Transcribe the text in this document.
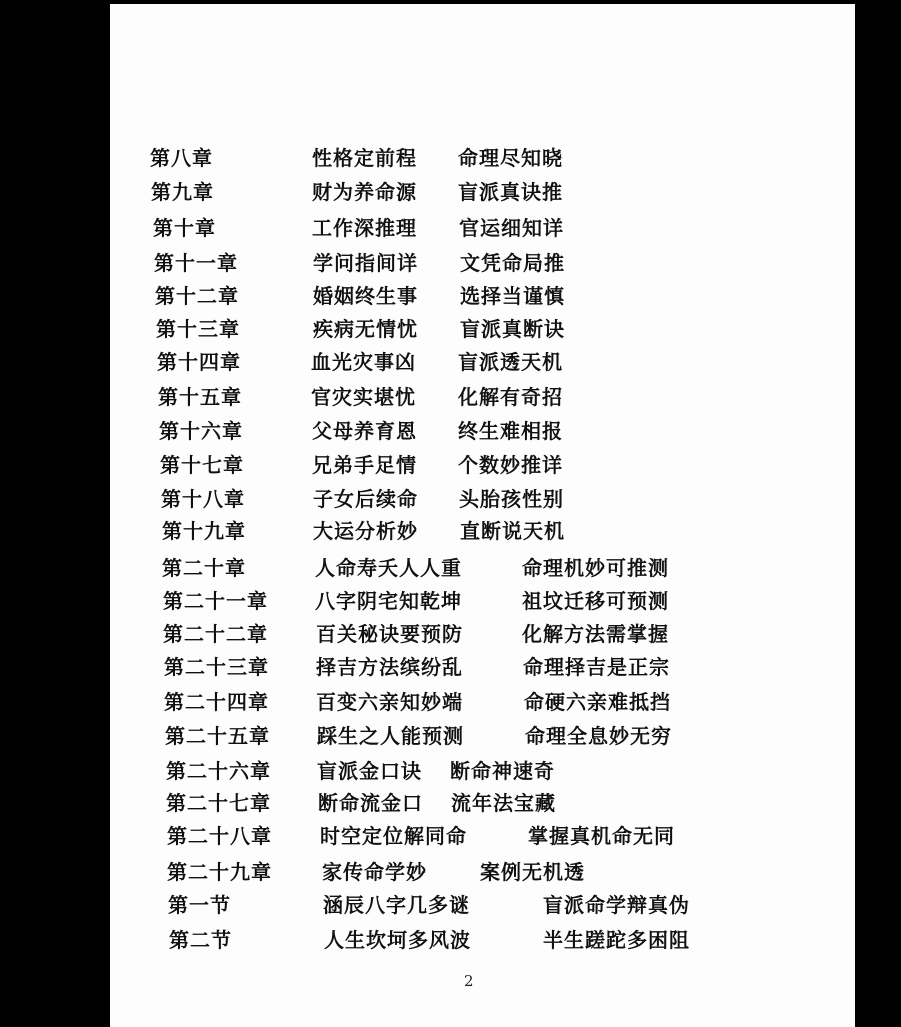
第八章	性格定前程 命理尽知晓
第九章	财为养命源 盲派真诀推
第十章	工作深推理 官运细知详
第十一章	学问指间详 文凭命局推
第十二章	婚姻终生事 选择当谨慎
第十三章	疾病无情忧 盲派真断诀
第十四章	血光灾事凶 盲派透天机
第十五章	官灾实堪忧 化解有奇招
第十六章	父母养育恩 终生难相报
第十七章	兄弟手足情 个数妙推详
第十八章	子女后续命 头胎孩性别
第十九章	大运分析妙 直断说天机
第二十章	人命寿夭人人重	命理机妙可推测
第二十一章 八字阴宅知乾坤	祖坟迁移可预测
第二十二章 百关秘诀要预防	化解方法需掌握
第二十三章 择吉方法缤纷乱	命理择吉是正宗
第二十四章 百变六亲知妙端	命硬六亲难抵挡
第二十五章 踩生之人能预测	命理全息妙无穷
第二十六章 盲派金口诀 断命神速奇
第二十七章 断命流金口 流年法宝藏
第二十八章 时空定位解同命	掌握真机命无同
第二十九章	家传命学妙	案例无机透
第一节	涵辰八字几多谜	盲派命学辩真伪
第二节	人生坎坷多风波	半生蹉跎多困阻
2
